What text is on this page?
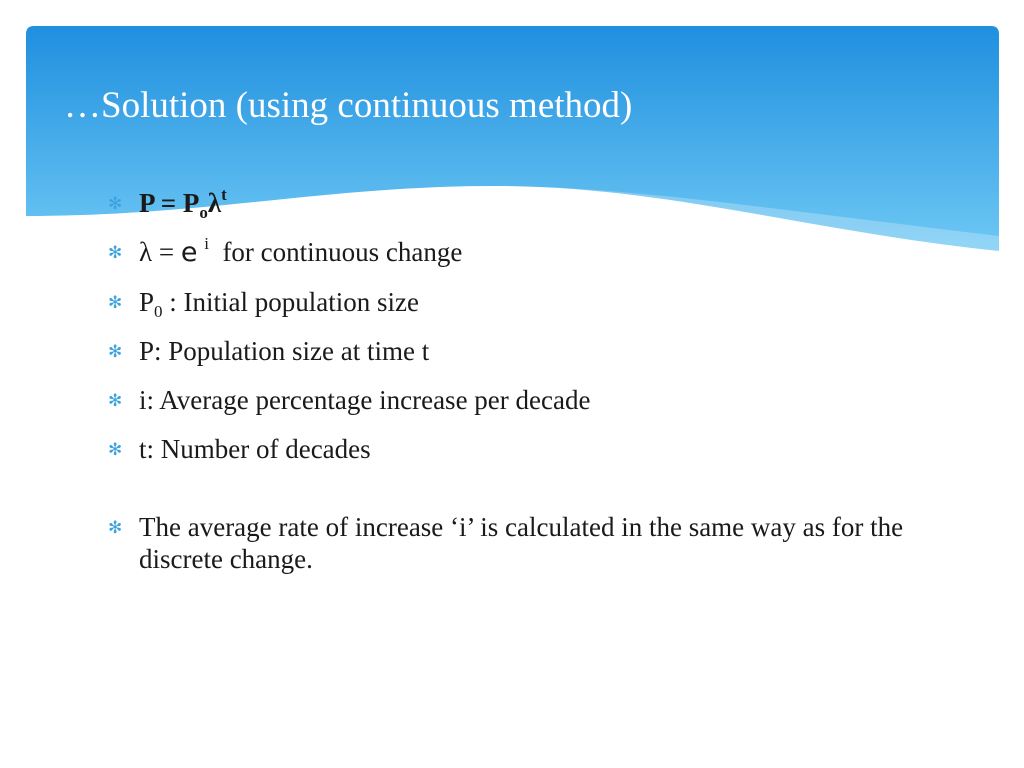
…Solution (using continuous method)
✻ $P = P_o\lambda^t$
✻ λ = e $^i$ for continuous change
✻ $P_0$ : Initial population size
✻ P: Population size at time t
✻ i: Average percentage increase per decade
✻ t: Number of decades
✻ The average rate of increase ‘i’ is calculated in the same way as for the discrete change.
